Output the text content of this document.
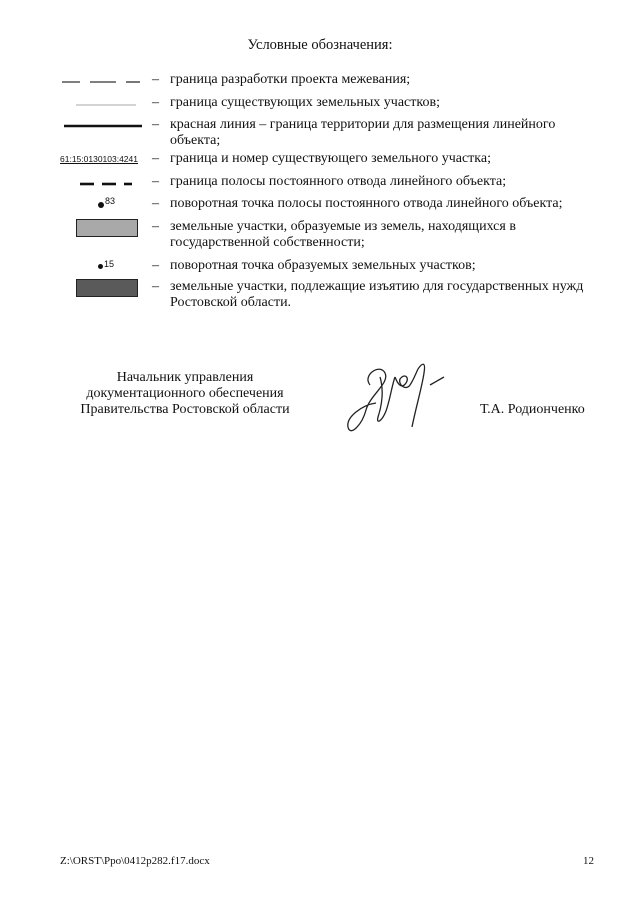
Условные обозначения:
– граница разработки проекта межевания;
– граница существующих земельных участков;
– красная линия – граница территории для размещения линейного объекта;
61:15:0130103:4241 – граница и номер существующего земельного участка;
– граница полосы постоянного отвода линейного объекта;
83	– поворотная точка полосы постоянного отвода линейного объекта;
– земельные участки, образуемые из земель, находящихся в государственной собственности;
15	– поворотная точка образуемых земельных участков;
– земельные участки, подлежащие изъятию для государственных нужд Ростовской области.
Начальник управления
документационного обеспечения
Правительства Ростовской области	Т.А. Родионченко
Z:\ORST\Ppo\0412p282.f17.docx	12
